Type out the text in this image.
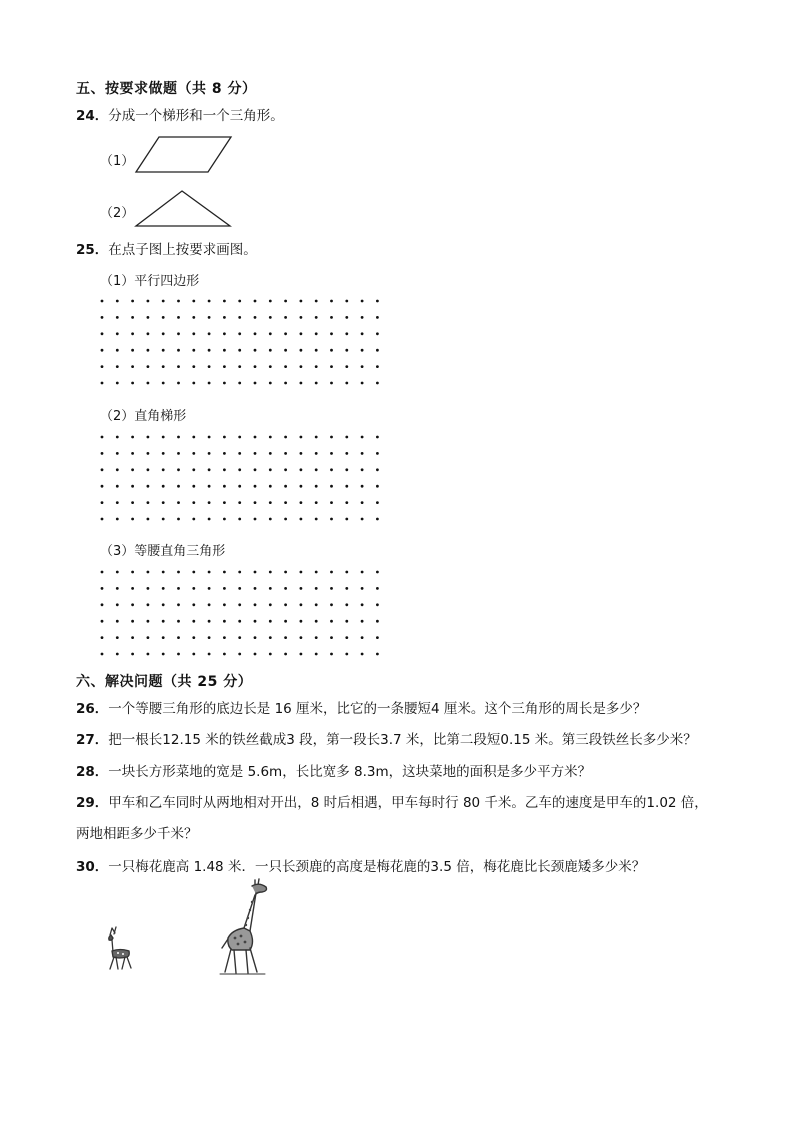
五、按要求做题（共 8 分）
24．分成一个梯形和一个三角形。
（1）
（2）
25．在点子图上按要求画图。
（1）平行四边形
（2）直角梯形
（3）等腰直角三角形
六、解决问题（共 25 分）
26．一个等腰三角形的底边长是 16 厘米，比它的一条腰短4 厘米。这个三角形的周长是多少？
27．把一根长12.15 米的铁丝截成3 段，第一段长3.7 米，比第二段短0.15 米。第三段铁丝长多少米？
28．一块长方形菜地的宽是 5.6m，长比宽多 8.3m，这块菜地的面积是多少平方米？
29．甲车和乙车同时从两地相对开出，8 时后相遇，甲车每时行 80 千米。乙车的速度是甲车的1.02 倍，
两地相距多少千米？
30．一只梅花鹿高 1.48 米．一只长颈鹿的高度是梅花鹿的3.5 倍，梅花鹿比长颈鹿矮多少米？
